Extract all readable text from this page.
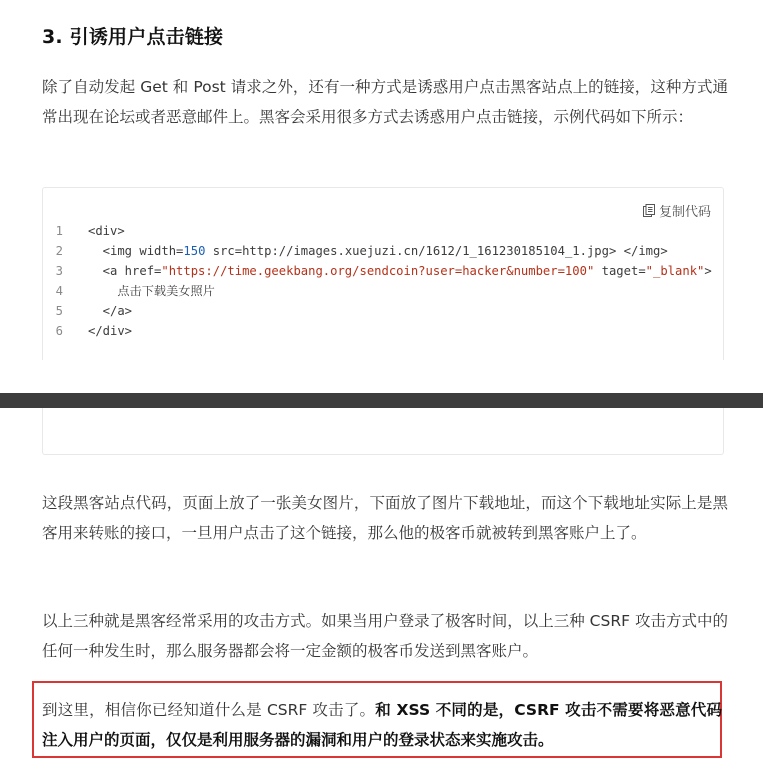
3. 引诱用户点击链接

除了自动发起 Get 和 Post 请求之外，还有一种方式是诱惑用户点击黑客站点上的链接，这种方式通常出现在论坛或者恶意邮件上。黑客会采用很多方式去诱惑用户点击链接，示例代码如下所示：

复制代码
1	<div>
2	<img width=150 src=http://images.xuejuzi.cn/1612/1_161230185104_1.jpg> </img>
3	<a href="https://time.geekbang.org/sendcoin?user=hacker&number=100" taget="_blank">
4	点击下载美女照片
5	</a>
6	</div>

这段黑客站点代码，页面上放了一张美女图片，下面放了图片下载地址，而这个下载地址实际上是黑客用来转账的接口，一旦用户点击了这个链接，那么他的极客币就被转到黑客账户上了。

以上三种就是黑客经常采用的攻击方式。如果当用户登录了极客时间，以上三种 CSRF 攻击方式中的任何一种发生时，那么服务器都会将一定金额的极客币发送到黑客账户。

到这里，相信你已经知道什么是 CSRF 攻击了。和 XSS 不同的是，CSRF 攻击不需要将恶意代码注入用户的页面，仅仅是利用服务器的漏洞和用户的登录状态来实施攻击。
